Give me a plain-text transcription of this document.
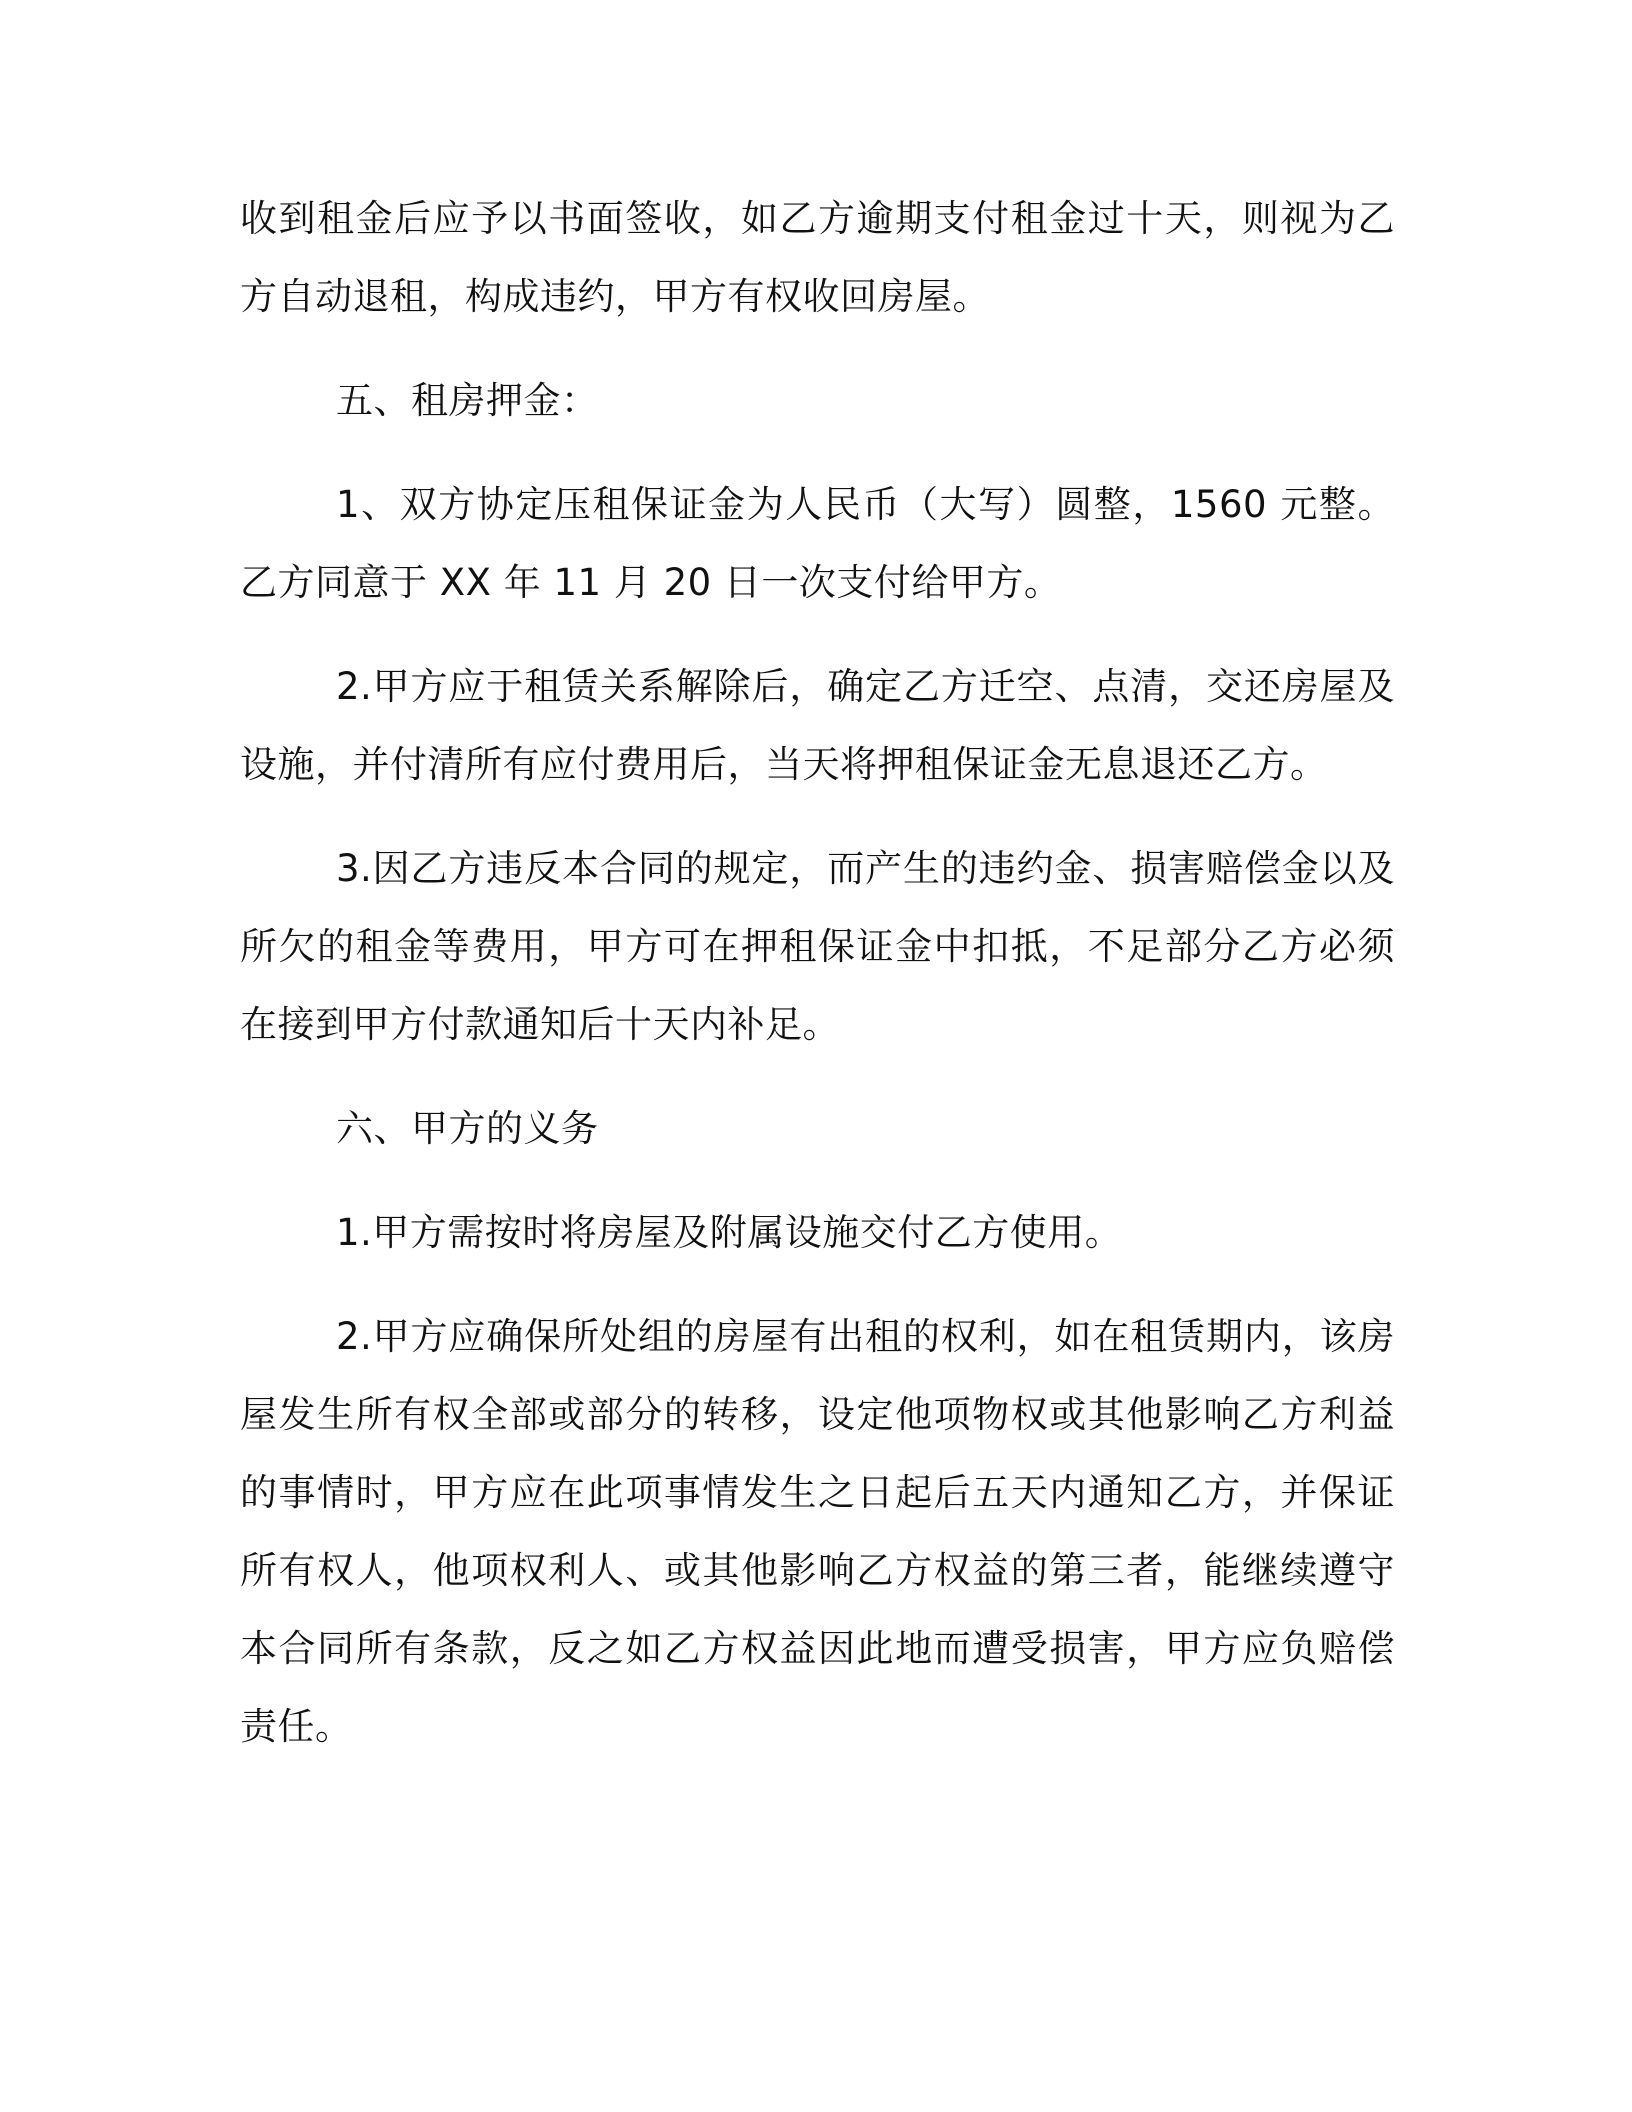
收到租金后应予以书面签收，如乙方逾期支付租金过十天，则视为乙方自动退租，构成违约，甲方有权收回房屋。

五、租房押金：

1、双方协定压租保证金为人民币（大写）圆整，1560 元整。乙方同意于 XX 年 11 月 20 日一次支付给甲方。

2.甲方应于租赁关系解除后，确定乙方迁空、点清，交还房屋及设施，并付清所有应付费用后，当天将押租保证金无息退还乙方。

3.因乙方违反本合同的规定，而产生的违约金、损害赔偿金以及所欠的租金等费用，甲方可在押租保证金中扣抵，不足部分乙方必须在接到甲方付款通知后十天内补足。

六、甲方的义务

1.甲方需按时将房屋及附属设施交付乙方使用。

2.甲方应确保所处组的房屋有出租的权利，如在租赁期内，该房屋发生所有权全部或部分的转移，设定他项物权或其他影响乙方利益的事情时，甲方应在此项事情发生之日起后五天内通知乙方，并保证所有权人，他项权利人、或其他影响乙方权益的第三者，能继续遵守本合同所有条款，反之如乙方权益因此地而遭受损害，甲方应负赔偿责任。
